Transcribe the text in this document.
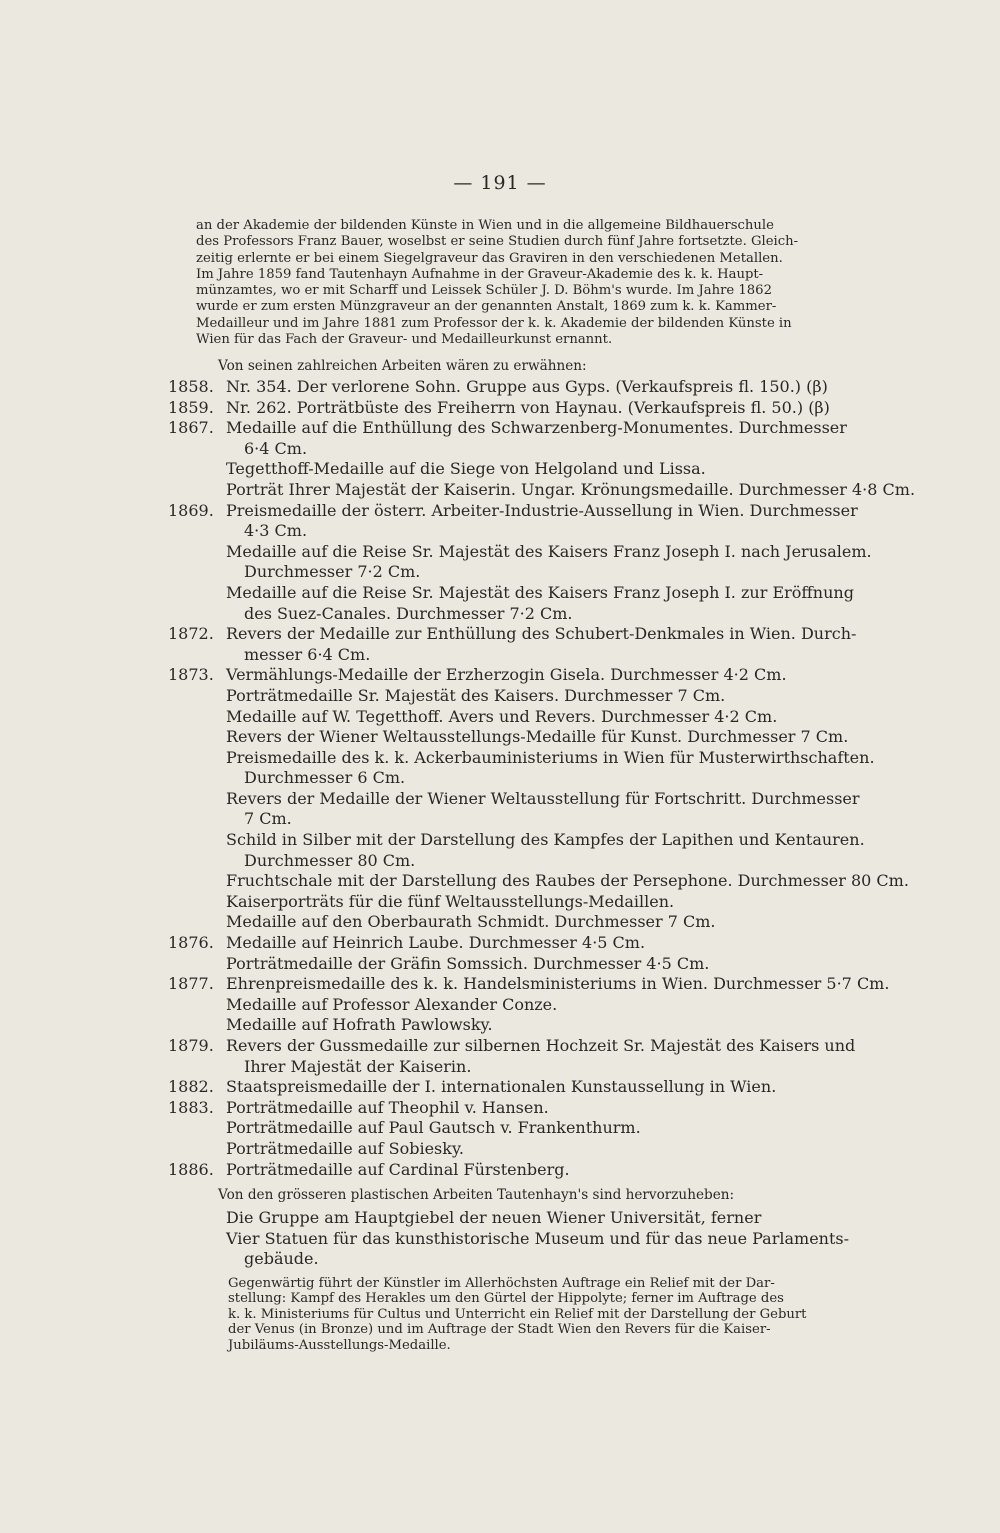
— 191 —
an der Akademie der bildenden Künste in Wien und in die allgemeine Bildhauerschule
des Professors Franz Bauer, woselbst er seine Studien durch fünf Jahre fortsetzte. Gleich-
zeitig erlernte er bei einem Siegelgraveur das Graviren in den verschiedenen Metallen.
Im Jahre 1859 fand Tautenhayn Aufnahme in der Graveur-Akademie des k. k. Haupt-
münzamtes, wo er mit Scharff und Leissek Schüler J. D. Böhm's wurde. Im Jahre 1862
wurde er zum ersten Münzgraveur an der genannten Anstalt, 1869 zum k. k. Kammer-
Medailleur und im Jahre 1881 zum Professor der k. k. Akademie der bildenden Künste in
Wien für das Fach der Graveur- und Medailleurkunst ernannt.
Von seinen zahlreichen Arbeiten wären zu erwähnen:
1858. Nr. 354. Der verlorene Sohn. Gruppe aus Gyps. (Verkaufspreis fl. 150.) (β)
1859. Nr. 262. Porträtbüste des Freiherrn von Haynau. (Verkaufspreis fl. 50.) (β)
1867. Medaille auf die Enthüllung des Schwarzenberg-Monumentes. Durchmesser
6·4 Cm.
Tegetthoff-Medaille auf die Siege von Helgoland und Lissa.
Porträt Ihrer Majestät der Kaiserin. Ungar. Krönungsmedaille. Durchmesser 4·8 Cm.
1869. Preismedaille der österr. Arbeiter-Industrie-Aussellung in Wien. Durchmesser
4·3 Cm.
Medaille auf die Reise Sr. Majestät des Kaisers Franz Joseph I. nach Jerusalem.
Durchmesser 7·2 Cm.
Medaille auf die Reise Sr. Majestät des Kaisers Franz Joseph I. zur Eröffnung
des Suez-Canales. Durchmesser 7·2 Cm.
1872. Revers der Medaille zur Enthüllung des Schubert-Denkmales in Wien. Durch-
messer 6·4 Cm.
1873. Vermählungs-Medaille der Erzherzogin Gisela. Durchmesser 4·2 Cm.
Porträtmedaille Sr. Majestät des Kaisers. Durchmesser 7 Cm.
Medaille auf W. Tegetthoff. Avers und Revers. Durchmesser 4·2 Cm.
Revers der Wiener Weltausstellungs-Medaille für Kunst. Durchmesser 7 Cm.
Preismedaille des k. k. Ackerbauministeriums in Wien für Musterwirthschaften.
Durchmesser 6 Cm.
Revers der Medaille der Wiener Weltausstellung für Fortschritt. Durchmesser
7 Cm.
Schild in Silber mit der Darstellung des Kampfes der Lapithen und Kentauren.
Durchmesser 80 Cm.
Fruchtschale mit der Darstellung des Raubes der Persephone. Durchmesser 80 Cm.
Kaiserporträts für die fünf Weltausstellungs-Medaillen.
Medaille auf den Oberbaurath Schmidt. Durchmesser 7 Cm.
1876. Medaille auf Heinrich Laube. Durchmesser 4·5 Cm.
Porträtmedaille der Gräfin Somssich. Durchmesser 4·5 Cm.
1877. Ehrenpreismedaille des k. k. Handelsministeriums in Wien. Durchmesser 5·7 Cm.
Medaille auf Professor Alexander Conze.
Medaille auf Hofrath Pawlowsky.
1879. Revers der Gussmedaille zur silbernen Hochzeit Sr. Majestät des Kaisers und
Ihrer Majestät der Kaiserin.
1882. Staatspreismedaille der I. internationalen Kunstaussellung in Wien.
1883. Porträtmedaille auf Theophil v. Hansen.
Porträtmedaille auf Paul Gautsch v. Frankenthurm.
Porträtmedaille auf Sobiesky.
1886. Porträtmedaille auf Cardinal Fürstenberg.
Von den grösseren plastischen Arbeiten Tautenhayn's sind hervorzuheben:
Die Gruppe am Hauptgiebel der neuen Wiener Universität, ferner
Vier Statuen für das kunsthistorische Museum und für das neue Parlaments-
gebäude.
Gegenwärtig führt der Künstler im Allerhöchsten Auftrage ein Relief mit der Dar-
stellung: Kampf des Herakles um den Gürtel der Hippolyte; ferner im Auftrage des
k. k. Ministeriums für Cultus und Unterricht ein Relief mit der Darstellung der Geburt
der Venus (in Bronze) und im Auftrage der Stadt Wien den Revers für die Kaiser-
Jubiläums-Ausstellungs-Medaille.
